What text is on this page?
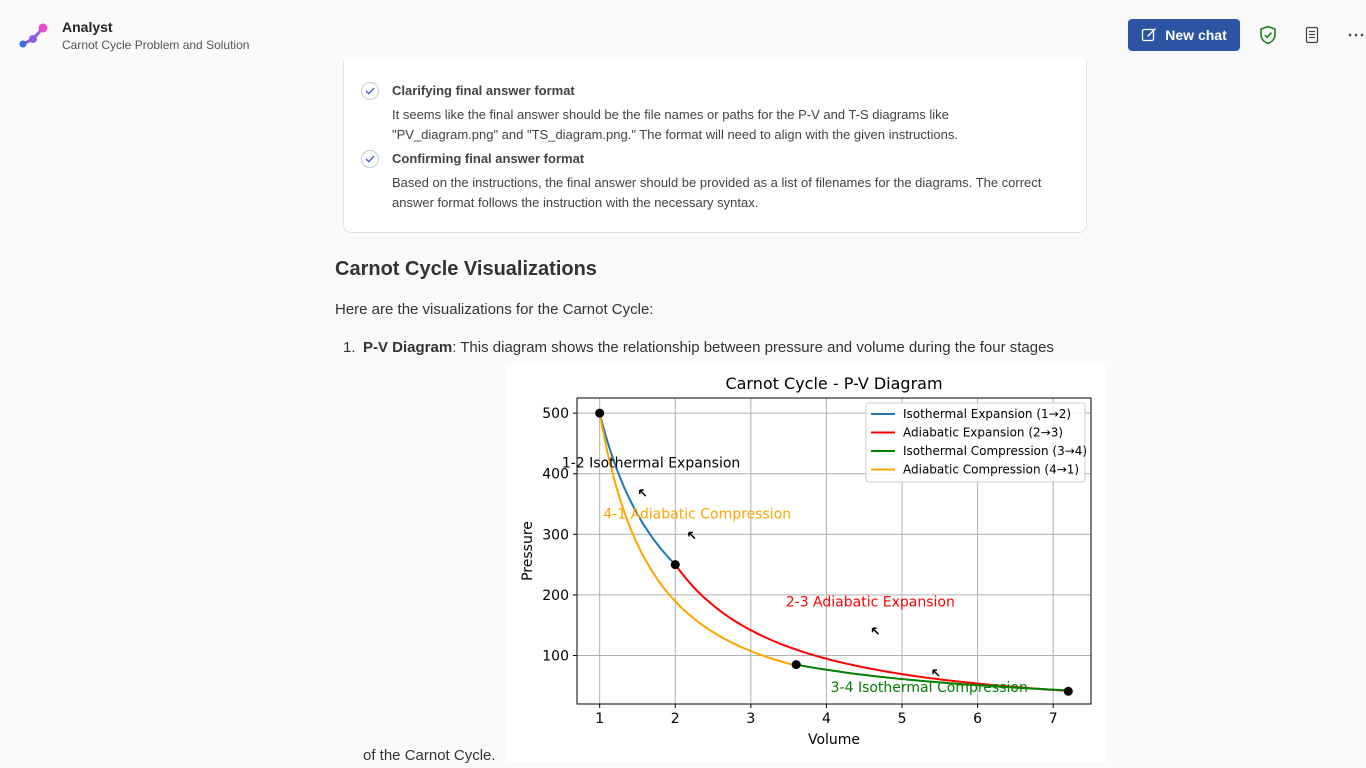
Analyst
Carnot Cycle Problem and Solution
New chat
Clarifying final answer format
It seems like the final answer should be the file names or paths for the P-V and T-S diagrams like "PV_diagram.png" and "TS_diagram.png." The format will need to align with the given instructions.
Confirming final answer format
Based on the instructions, the final answer should be provided as a list of filenames for the diagrams. The correct answer format follows the instruction with the necessary syntax.
Carnot Cycle Visualizations
Here are the visualizations for the Carnot Cycle:
1. P-V Diagram: This diagram shows the relationship between pressure and volume during the four stages
1-2 Isothermal Expansion
4-1 Adiabatic Compression
2-3 Adiabatic Expansion
3-4 Isothermal Compression
1	2	3	4	5	6	7
100
200
300
400
500
Carnot Cycle - P-V Diagram
Volume
Pressure
Isothermal Expansion (1→2)
Adiabatic Expansion (2→3)
Isothermal Compression (3→4)
Adiabatic Compression (4→1)
of the Carnot Cycle.
